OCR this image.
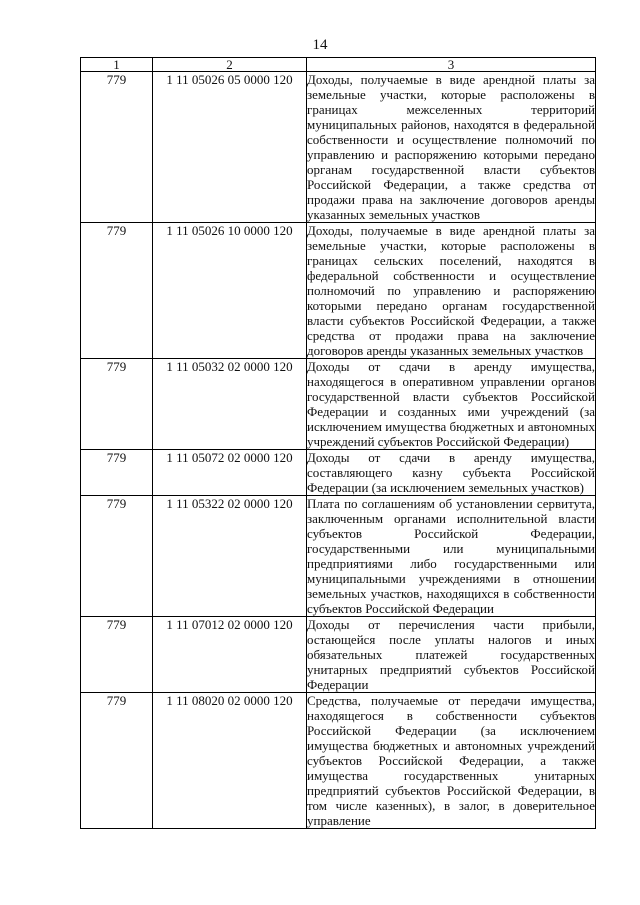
14
1	2	3
779	1 11 05026 05 0000 120	Доходы, получаемые в виде арендной платы за земельные участки, которые расположены в границах межселенных территорий муниципальных районов, находятся в федеральной собственности и осуществление полномочий по управлению и распоряжению которыми передано органам государственной власти субъектов Российской Федерации, а также средства от продажи права на заключение договоров аренды указанных земельных участков
779	1 11 05026 10 0000 120	Доходы, получаемые в виде арендной платы за земельные участки, которые расположены в границах сельских поселений, находятся в федеральной собственности и осуществление полномочий по управлению и распоряжению которыми передано органам государственной власти субъектов Российской Федерации, а также средства от продажи права на заключение договоров аренды указанных земельных участков
779	1 11 05032 02 0000 120	Доходы от сдачи в аренду имущества, находящегося в оперативном управлении органов государственной власти субъектов Российской Федерации и созданных ими учреждений (за исключением имущества бюджетных и автономных учреждений субъектов Российской Федерации)
779	1 11 05072 02 0000 120	Доходы от сдачи в аренду имущества, составляющего казну субъекта Российской Федерации (за исключением земельных участков)
779	1 11 05322 02 0000 120	Плата по соглашениям об установлении сервитута, заключенным органами исполнительной власти субъектов Российской Федерации, государственными или муниципальными предприятиями либо государственными или муниципальными учреждениями в отношении земельных участков, находящихся в собственности субъектов Российской Федерации
779	1 11 07012 02 0000 120	Доходы от перечисления части прибыли, остающейся после уплаты налогов и иных обязательных платежей государственных унитарных предприятий субъектов Российской Федерации
779	1 11 08020 02 0000 120	Средства, получаемые от передачи имущества, находящегося в собственности субъектов Российской Федерации (за исключением имущества бюджетных и автономных учреждений субъектов Российской Федерации, а также имущества государственных унитарных предприятий субъектов Российской Федерации, в том числе казенных), в залог, в доверительное управление
